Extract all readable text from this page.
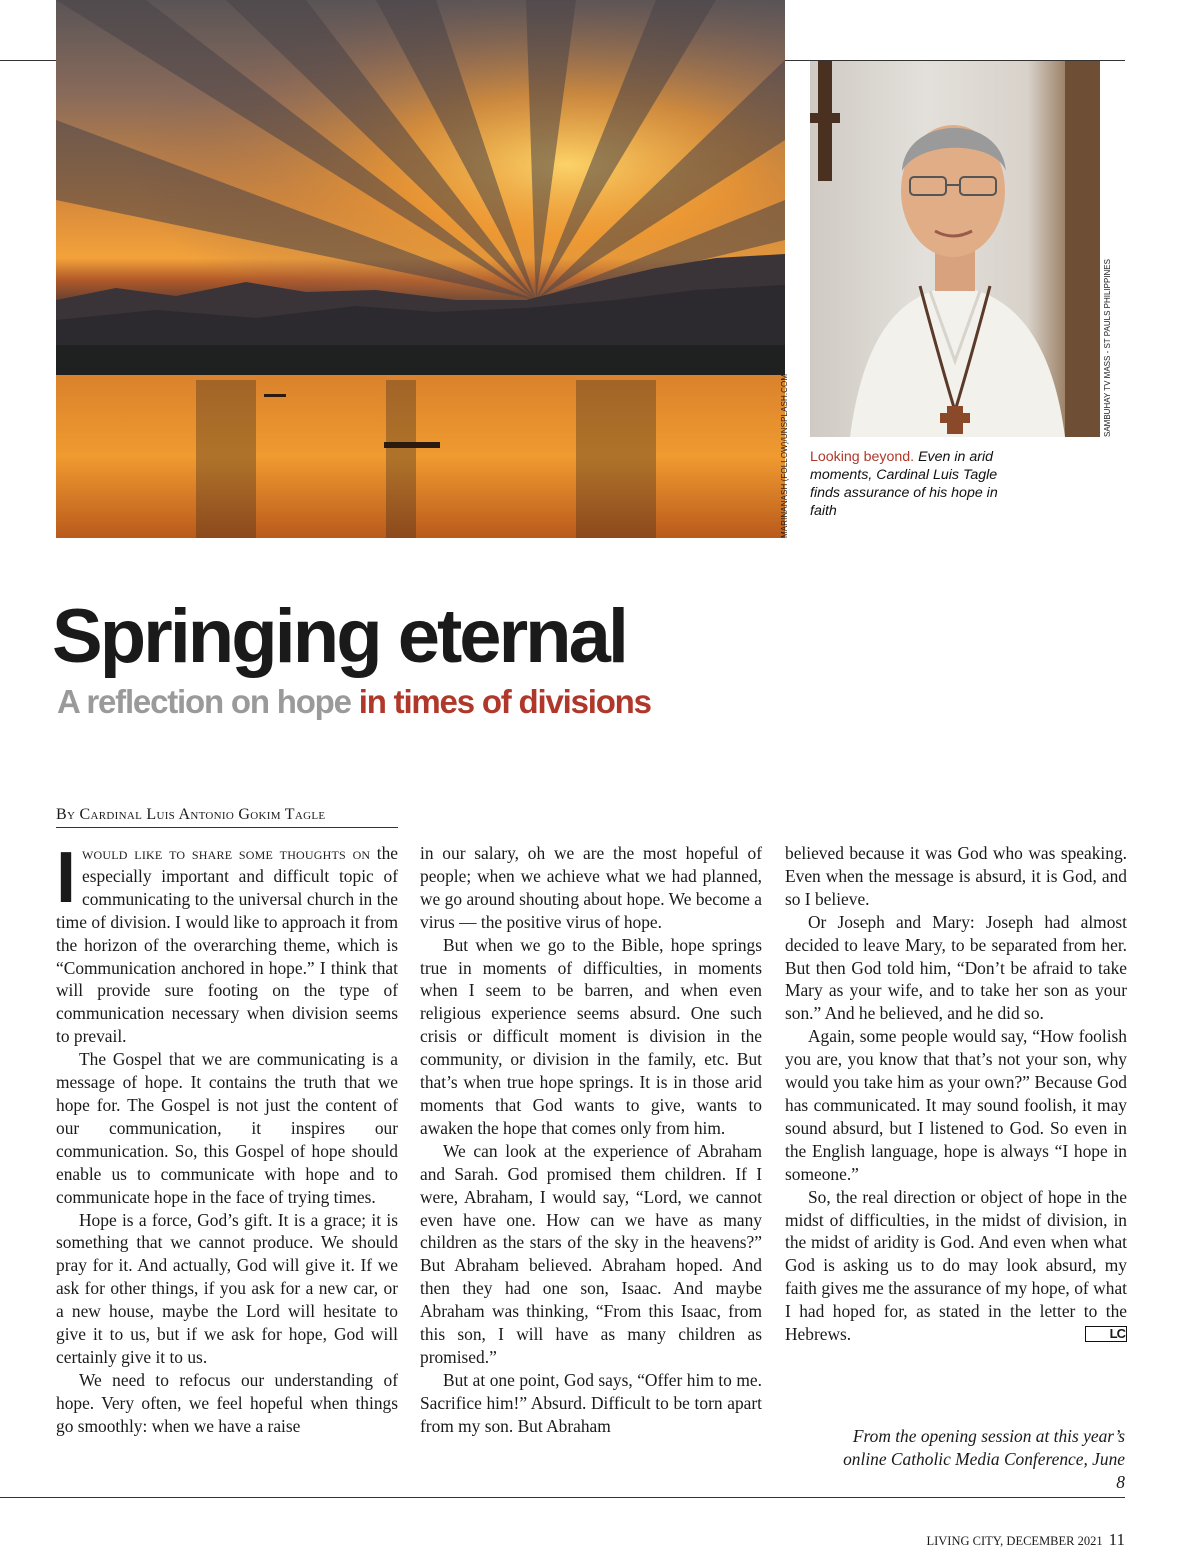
MARINANASH (FOLLOW)/UNSPLASH.COM
SAMBUHAY TV MASS - ST PAULS PHILIPPINES
Looking beyond. Even in arid moments, Cardinal Luis Tagle finds assurance of his hope in faith
Springing eternal
A reflection on hope in times of divisions
By Cardinal Luis Antonio Gokim Tagle

Iwould like to share some thoughts on the especially important and difficult topic of communicating to the universal church in the time of division. I would like to approach it from the horizon of the overarching theme, which is “Communication anchored in hope.” I think that will provide sure footing on the type of communication necessary when division seems to prevail.

The Gospel that we are communicating is a message of hope. It contains the truth that we hope for. The Gospel is not just the content of our communication, it inspires our communication. So, this Gospel of hope should enable us to communicate with hope and to communicate hope in the face of trying times.

Hope is a force, God’s gift. It is a grace; it is something that we cannot produce. We should pray for it. And actually, God will give it. If we ask for other things, if you ask for a new car, or a new house, maybe the Lord will hesitate to give it to us, but if we ask for hope, God will certainly give it to us.

We need to refocus our understanding of hope. Very often, we feel hopeful when things go smoothly: when we have a raise

in our salary, oh we are the most hopeful of people; when we achieve what we had planned, we go around shouting about hope. We become a virus — the positive virus of hope.

But when we go to the Bible, hope springs true in moments of difficulties, in moments when I seem to be barren, and when even religious experience seems absurd. One such crisis or difficult moment is division in the community, or division in the family, etc. But that’s when true hope springs. It is in those arid moments that God wants to give, wants to awaken the hope that comes only from him.

We can look at the experience of Abraham and Sarah. God promised them children. If I were, Abraham, I would say, “Lord, we cannot even have one. How can we have as many children as the stars of the sky in the heavens?” But Abraham believed. Abraham hoped. And then they had one son, Isaac. And maybe Abraham was thinking, “From this Isaac, from this son, I will have as many children as promised.”

But at one point, God says, “Offer him to me. Sacrifice him!” Absurd. Difficult to be torn apart from my son. But Abraham

believed because it was God who was speaking. Even when the message is absurd, it is God, and so I believe.

Or Joseph and Mary: Joseph had almost decided to leave Mary, to be separated from her. But then God told him, “Don’t be afraid to take Mary as your wife, and to take her son as your son.” And he believed, and he did so.

Again, some people would say, “How foolish you are, you know that that’s not your son, why would you take him as your own?” Because God has communicated. It may sound foolish, it may sound absurd, but I listened to God. So even in the English language, hope is always “I hope in someone.”

So, the real direction or object of hope in the midst of difficulties, in the midst of division, in the midst of aridity is God. And even when what God is asking us to do may look absurd, my faith gives me the assurance of my hope, of what I had hoped for, as stated in the letter to the Hebrews.	LC

From the opening session at this year’s online Catholic Media Conference, June 8
LIVING CITY, DECEMBER 2021 11
